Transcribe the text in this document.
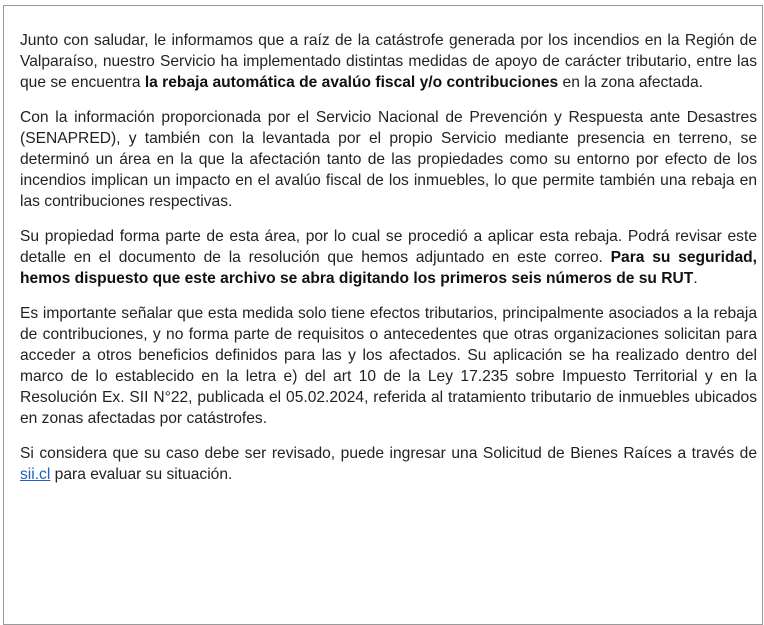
Junto con saludar, le informamos que a raíz de la catástrofe generada por los incendios en la Región de Valparaíso, nuestro Servicio ha implementado distintas medidas de apoyo de carácter tributario, entre las que se encuentra la rebaja automática de avalúo fiscal y/o contribuciones en la zona afectada.

Con la información proporcionada por el Servicio Nacional de Prevención y Respuesta ante Desastres (SENAPRED), y también con la levantada por el propio Servicio mediante presencia en terreno, se determinó un área en la que la afectación tanto de las propiedades como su entorno por efecto de los incendios implican un impacto en el avalúo fiscal de los inmuebles, lo que permite también una rebaja en las contribuciones respectivas.

Su propiedad forma parte de esta área, por lo cual se procedió a aplicar esta rebaja. Podrá revisar este detalle en el documento de la resolución que hemos adjuntado en este correo. Para su seguridad, hemos dispuesto que este archivo se abra digitando los primeros seis números de su RUT.

Es importante señalar que esta medida solo tiene efectos tributarios, principalmente asociados a la rebaja de contribuciones, y no forma parte de requisitos o antecedentes que otras organizaciones solicitan para acceder a otros beneficios definidos para las y los afectados. Su aplicación se ha realizado dentro del marco de lo establecido en la letra e) del art 10 de la Ley 17.235 sobre Impuesto Territorial y en la Resolución Ex. SII N°22, publicada el 05.02.2024, referida al tratamiento tributario de inmuebles ubicados en zonas afectadas por catástrofes.

Si considera que su caso debe ser revisado, puede ingresar una Solicitud de Bienes Raíces a través de sii.cl para evaluar su situación.
